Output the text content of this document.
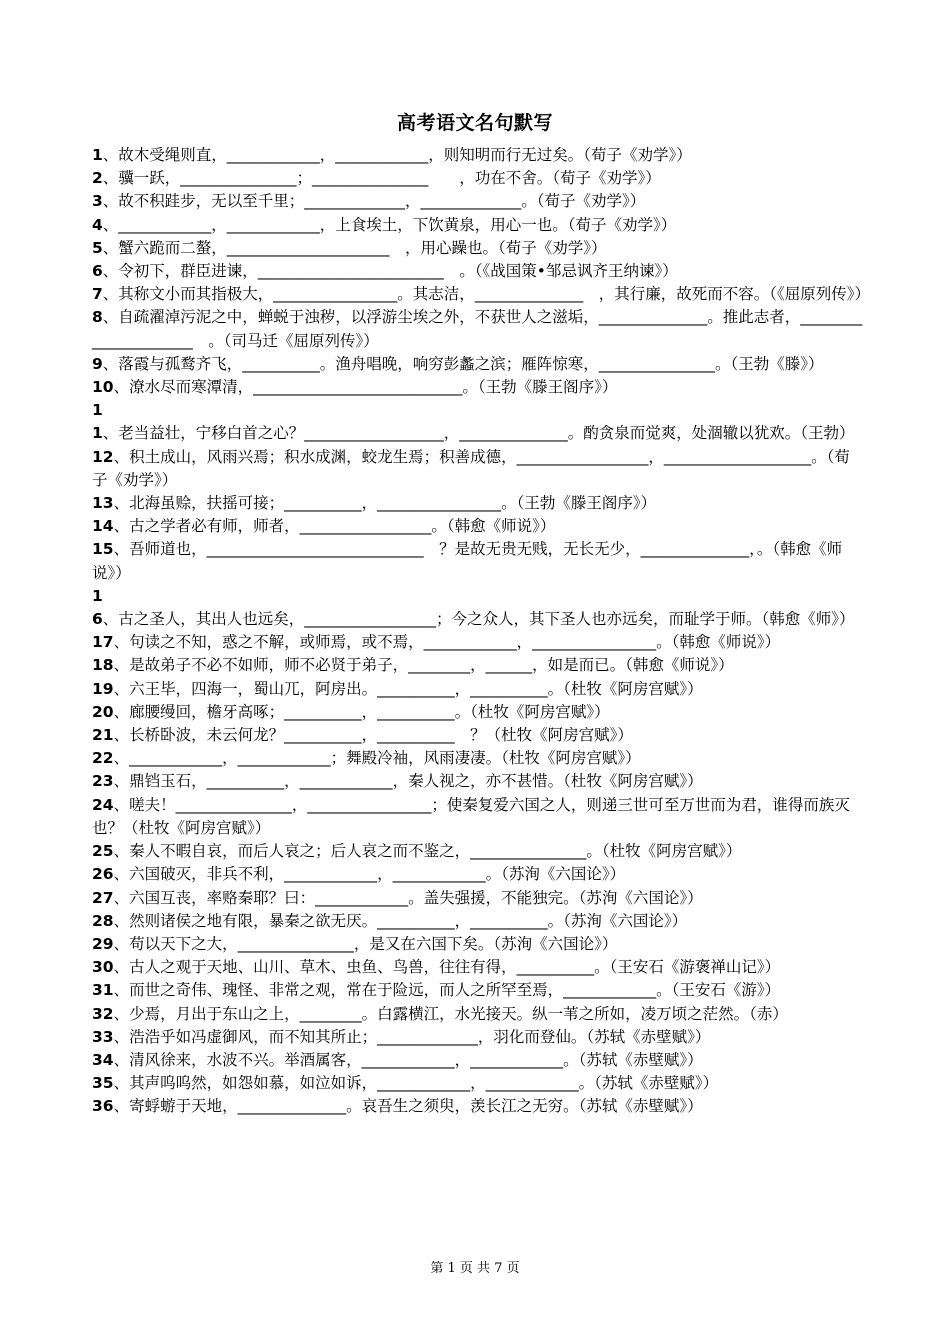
高考语文名句默写
1、故木受绳则直，____________，____________，则知明而行无过矣。（荀子《劝学》）
2、骥一跃，_______________；_______________　　，功在不舍。（荀子《劝学》）
3、故不积跬步，无以至千里；_____________，_____________。（荀子《劝学》）
4、____________，____________，上食埃土，下饮黄泉，用心一也。（荀子《劝学》）
5、蟹六跪而二螯，_____________________　，用心躁也。（荀子《劝学》）
6、令初下，群臣进谏，________________________　。（《战国策•邹忌讽齐王纳谏》）
7、其称文小而其指极大，________________。其志洁，______________　，其行廉，故死而不容。（《屈原列传》）
8、自疏濯淖污泥之中，蝉蜕于浊秽，以浮游尘埃之外，不获世人之滋垢，______________。推此志者，_____________________　。（司马迁《屈原列传》）
9、落霞与孤鹜齐飞，__________。渔舟唱晚，响穷彭蠡之滨；雁阵惊寒，_______________。（王勃《滕》）
10、潦水尽而寒潭清，___________________________。（王勃《滕王阁序》）
11、老当益壮，宁移白首之心？__________________，______________。酌贪泉而觉爽，处涸辙以犹欢。（王勃）
12、积土成山，风雨兴焉；积水成渊，蛟龙生焉；积善成德，_________________，___________________。（荀子《劝学》）
13、北海虽赊，扶摇可接；__________，________________。（王勃《滕王阁序》）
14、古之学者必有师，师者，_________________。（韩愈《师说》）
15、吾师道也，____________________________　？是故无贵无贱，无长无少，______________，。（韩愈《师说》）
16、古之圣人，其出人也远矣，_________________；今之众人，其下圣人也亦远矣，而耻学于师。（韩愈《师》）
17、句读之不知，惑之不解，或师焉，或不焉，____________，________________。（韩愈《师说》）
18、是故弟子不必不如师，师不必贤于弟子，________，______，如是而已。（韩愈《师说》）
19、六王毕，四海一，蜀山兀，阿房出。__________，__________。（杜牧《阿房宫赋》）
20、廊腰缦回，檐牙高啄；__________，__________。（杜牧《阿房宫赋》）
21、长桥卧波，未云何龙？__________，__________　？（杜牧《阿房宫赋》）
22、____________，____________；舞殿冷袖，风雨凄凄。（杜牧《阿房宫赋》）
23、鼎铛玉石，__________，____________，秦人视之，亦不甚惜。（杜牧《阿房宫赋》）
24、嗟夫！_______________，________________；使秦复爱六国之人，则递三世可至万世而为君，谁得而族灭也？（杜牧《阿房宫赋》）
25、秦人不暇自哀，而后人哀之；后人哀之而不鉴之，_______________。（杜牧《阿房宫赋》）
26、六国破灭，非兵不利，____________，____________。（苏洵《六国论》）
27、六国互丧，率赂秦耶？曰：____________。盖失强援，不能独完。（苏洵《六国论》）
28、然则诸侯之地有限，暴秦之欲无厌。__________，__________。（苏洵《六国论》）
29、苟以天下之大，_______________，是又在六国下矣。（苏洵《六国论》）
30、古人之观于天地、山川、草木、虫鱼、鸟兽，往往有得，__________。（王安石《游褒禅山记》）
31、而世之奇伟、瑰怪、非常之观，常在于险远，而人之所罕至焉，____________。（王安石《游》）
32、少焉，月出于东山之上，________。白露横江，水光接天。纵一苇之所如，凌万顷之茫然。（赤）
33、浩浩乎如冯虚御风，而不知其所止；_____________，羽化而登仙。（苏轼《赤壁赋》）
34、清风徐来，水波不兴。举酒属客，____________，____________。（苏轼《赤壁赋》）
35、其声呜呜然，如怨如慕，如泣如诉，____________，____________。（苏轼《赤壁赋》）
36、寄蜉蝣于天地，______________。哀吾生之须臾，羡长江之无穷。（苏轼《赤壁赋》）
第 1 页 共 7 页
